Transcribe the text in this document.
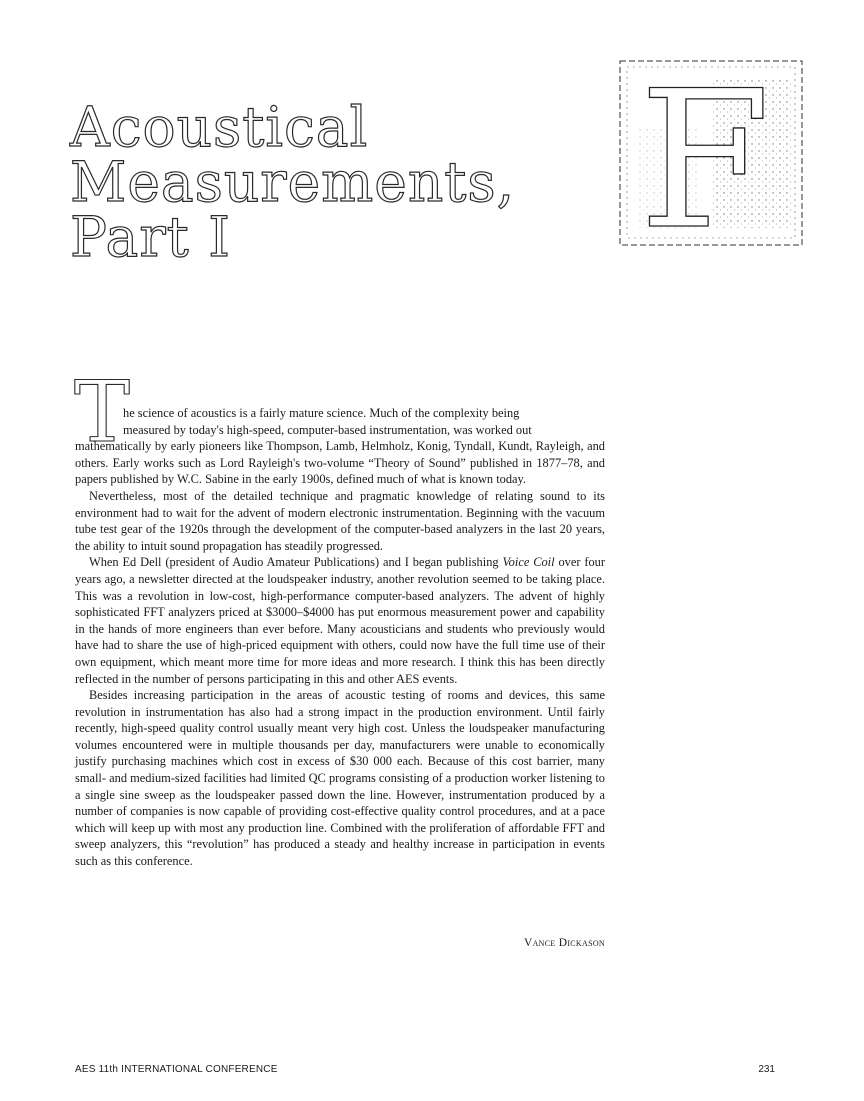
Acoustical
Measurements,
Part I	F
T

he science of acoustics is a fairly mature science. Much of the complexity being
measured by today's high-speed, computer-based instrumentation, was worked out
mathematically by early pioneers like Thompson, Lamb, Helmholz, Konig, Tyndall, Kundt, Rayleigh, and others. Early works such as Lord Rayleigh's two-volume “Theory of Sound” published in 1877–78, and papers published by W.C. Sabine in the early 1900s, defined much of what is known today.

Nevertheless, most of the detailed technique and pragmatic knowledge of relating sound to its environment had to wait for the advent of modern electronic instrumentation. Beginning with the vacuum tube test gear of the 1920s through the development of the computer-based analyzers in the last 20 years, the ability to intuit sound propagation has steadily progressed.

When Ed Dell (president of Audio Amateur Publications) and I began publishing Voice Coil over four years ago, a newsletter directed at the loudspeaker industry, another revolution seemed to be taking place. This was a revolution in low-cost, high-performance computer-based analyzers. The advent of highly sophisticated FFT analyzers priced at $3000–$4000 has put enormous measurement power and capability in the hands of more engineers than ever before. Many acousticians and students who previously would have had to share the use of high-priced equipment with others, could now have the full time use of their own equipment, which meant more time for more ideas and more research. I think this has been directly reflected in the number of persons participating in this and other AES events.

Besides increasing participation in the areas of acoustic testing of rooms and devices, this same revolution in instrumentation has also had a strong impact in the production environment. Until fairly recently, high-speed quality control usually meant very high cost. Unless the loudspeaker manufacturing volumes encountered were in multiple thousands per day, manufacturers were unable to economically justify purchasing machines which cost in excess of $30 000 each. Because of this cost barrier, many small- and medium-sized facilities had limited QC programs consisting of a production worker listening to a single sine sweep as the loudspeaker passed down the line. However, instrumentation produced by a number of companies is now capable of providing cost-effective quality control procedures, and at a pace which will keep up with most any production line. Combined with the proliferation of affordable FFT and sweep analyzers, this “revolution” has produced a steady and healthy increase in participation in events such as this conference.

Vance Dickason
AES 11th INTERNATIONAL CONFERENCE	231
